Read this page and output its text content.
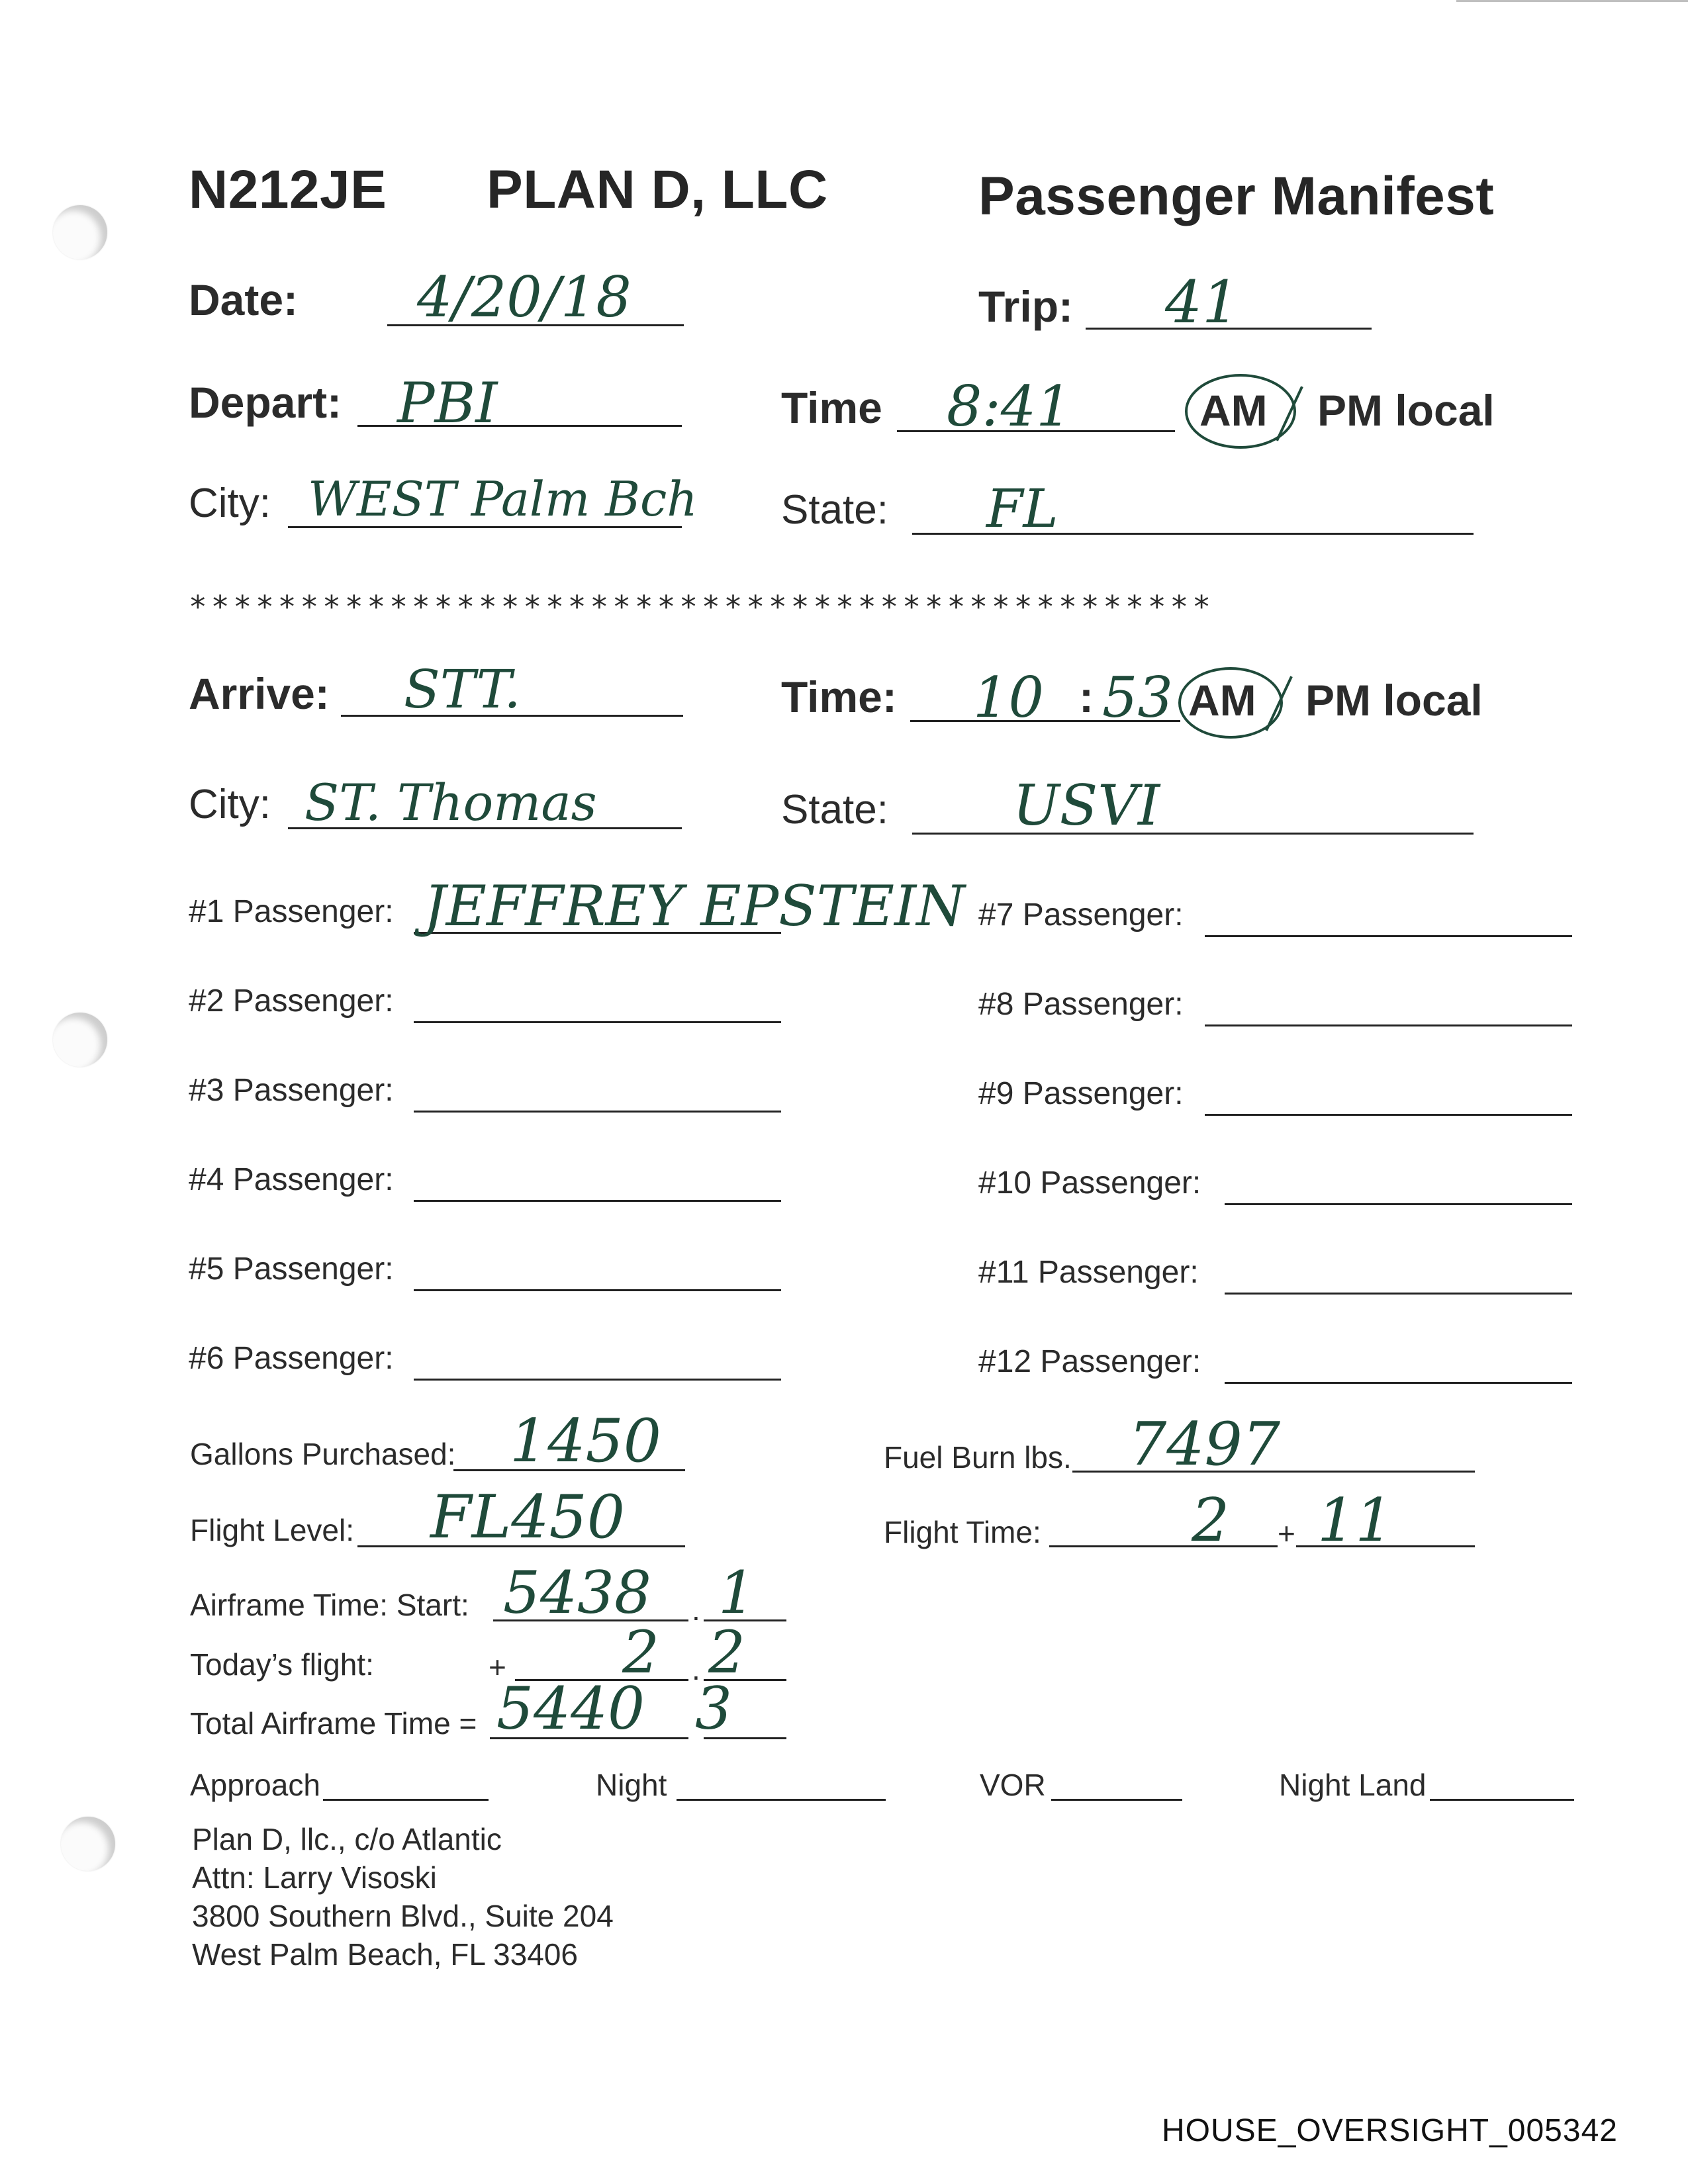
N212JE PLAN D, LLC	Passenger Manifest
Date: 4/20/18	Trip: 41
Depart: PBI	Time 8:41	AM PM local
City: WEST Palm Bch State: FL
**********************************************
Arrive: STT.	Time: 10 : 53 AM PM local
City: ST. Thomas	State: USVI
#1 Passenger: JEFFREY EPSTEIN
#2 Passenger:
#3 Passenger:
#4 Passenger:
#5 Passenger:
#6 Passenger:
#7 Passenger:
#8 Passenger:
#9 Passenger:
#10 Passenger:
#11 Passenger:
#12 Passenger:
Gallons Purchased: 1450	Fuel Burn lbs. 7497
Flight Level: FL450	Flight Time:	2 + 11
Airframe Time: Start: 5438 . 1
Today’s flight:	+ 2 . 2
Total Airframe Time = 5440 3
Approach	Night	VOR	Night Land
Plan D, llc., c/o Atlantic
Attn: Larry Visoski
3800 Southern Blvd., Suite 204
West Palm Beach, FL 33406
HOUSE_OVERSIGHT_005342
